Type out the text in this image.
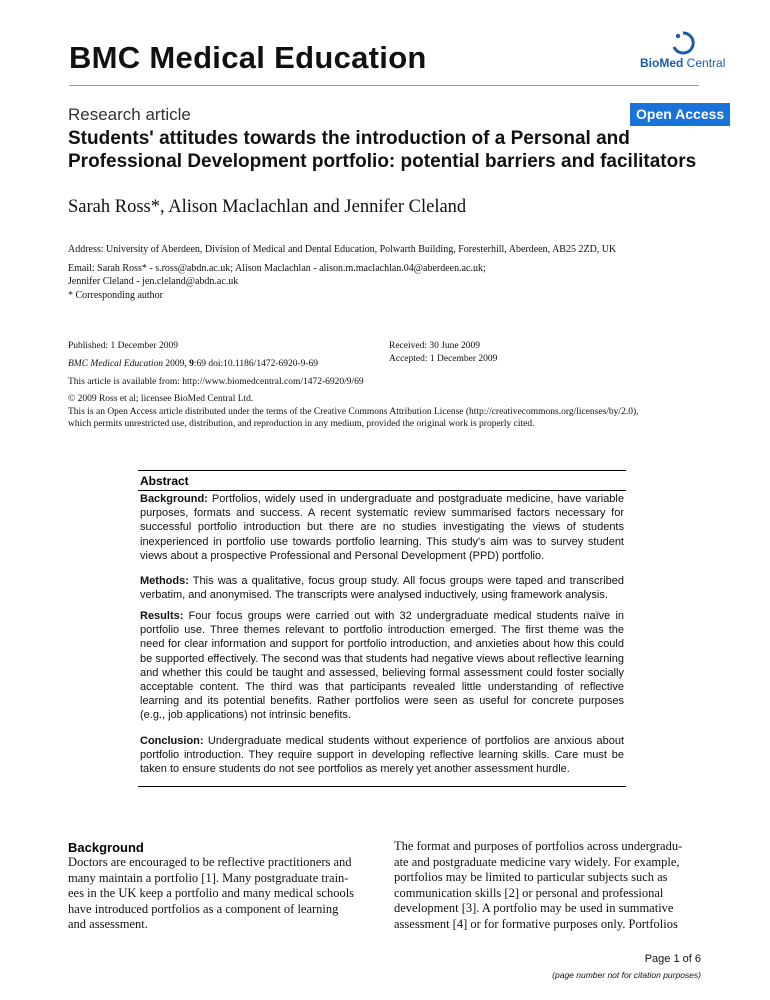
BMC Medical Education	BioMed Central
Research article	Open Access
Students' attitudes towards the introduction of a Personal and Professional Development portfolio: potential barriers and facilitators
Sarah Ross*, Alison Maclachlan and Jennifer Cleland
Address: University of Aberdeen, Division of Medical and Dental Education, Polwarth Building, Foresterhill, Aberdeen, AB25 2ZD, UK
Email: Sarah Ross* - s.ross@abdn.ac.uk; Alison Maclachlan - alison.m.maclachlan.04@aberdeen.ac.uk;
Jennifer Cleland - jen.cleland@abdn.ac.uk
* Corresponding author
Published: 1 December 2009
BMC Medical Education 2009, 9:69 doi:10.1186/1472-6920-9-69
Received: 30 June 2009
Accepted: 1 December 2009
This article is available from: http://www.biomedcentral.com/1472-6920/9/69
© 2009 Ross et al; licensee BioMed Central Ltd.
This is an Open Access article distributed under the terms of the Creative Commons Attribution License (http://creativecommons.org/licenses/by/2.0),
which permits unrestricted use, distribution, and reproduction in any medium, provided the original work is properly cited.
Abstract
Background: Portfolios, widely used in undergraduate and postgraduate medicine, have variable purposes, formats and success. A recent systematic review summarised factors necessary for successful portfolio introduction but there are no studies investigating the views of students inexperienced in portfolio use towards portfolio learning. This study's aim was to survey student views about a prospective Professional and Personal Development (PPD) portfolio.
Methods: This was a qualitative, focus group study. All focus groups were taped and transcribed verbatim, and anonymised. The transcripts were analysed inductively, using framework analysis.
Results: Four focus groups were carried out with 32 undergraduate medical students naïve in portfolio use. Three themes relevant to portfolio introduction emerged. The first theme was the need for clear information and support for portfolio introduction, and anxieties about how this could be supported effectively. The second was that students had negative views about reflective learning and whether this could be taught and assessed, believing formal assessment could foster socially acceptable content. The third was that participants revealed little understanding of reflective learning and its potential benefits. Rather portfolios were seen as useful for concrete purposes (e.g., job applications) not intrinsic benefits.
Conclusion: Undergraduate medical students without experience of portfolios are anxious about portfolio introduction. They require support in developing reflective learning skills. Care must be taken to ensure students do not see portfolios as merely yet another assessment hurdle.
Background
Doctors are encouraged to be reflective practitioners and
many maintain a portfolio [1]. Many postgraduate train-
ees in the UK keep a portfolio and many medical schools
have introduced portfolios as a component of learning
and assessment.
The format and purposes of portfolios across undergradu-
ate and postgraduate medicine vary widely. For example,
portfolios may be limited to particular subjects such as
communication skills [2] or personal and professional
development [3]. A portfolio may be used in summative
assessment [4] or for formative purposes only. Portfolios
Page 1 of 6
(page number not for citation purposes)
